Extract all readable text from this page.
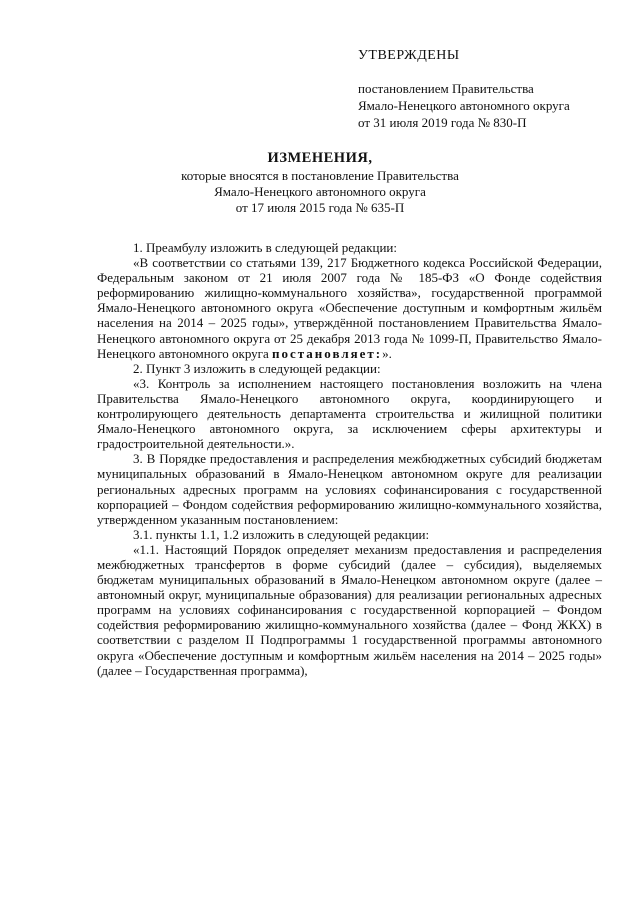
УТВЕРЖДЕНЫ
постановлением Правительства
Ямало-Ненецкого автономного округа
от 31 июля 2019 года № 830-П
ИЗМЕНЕНИЯ,
которые вносятся в постановление Правительства
Ямало-Ненецкого автономного округа
от 17 июля 2015 года № 635-П

1. Преамбулу изложить в следующей редакции:

«В соответствии со статьями 139, 217 Бюджетного кодекса Российской Федерации, Федеральным законом от 21 июля 2007 года № 185-ФЗ «О Фонде содействия реформированию жилищно-коммунального хозяйства», государственной программой Ямало-Ненецкого автономного округа «Обеспечение доступным и комфортным жильём населения на 2014 – 2025 годы», утверждённой постановлением Правительства Ямало-Ненецкого автономного округа от 25 декабря 2013 года № 1099-П, Правительство Ямало-Ненецкого автономного округа постановляет:».

2. Пункт 3 изложить в следующей редакции:

«3. Контроль за исполнением настоящего постановления возложить на члена Правительства Ямало-Ненецкого автономного округа, координирующего и контролирующего деятельность департамента строительства и жилищной политики Ямало-Ненецкого автономного округа, за исключением сферы архитектуры и градостроительной деятельности.».

3. В Порядке предоставления и распределения межбюджетных субсидий бюджетам муниципальных образований в Ямало-Ненецком автономном округе для реализации региональных адресных программ на условиях софинансирования с государственной корпорацией – Фондом содействия реформированию жилищно-коммунального хозяйства, утвержденном указанным постановлением:

3.1. пункты 1.1, 1.2 изложить в следующей редакции:

«1.1. Настоящий Порядок определяет механизм предоставления и распределения межбюджетных трансфертов в форме субсидий (далее – субсидия), выделяемых бюджетам муниципальных образований в Ямало-Ненецком автономном округе (далее – автономный округ, муниципальные образования) для реализации региональных адресных программ на условиях софинансирования с государственной корпорацией – Фондом содействия реформированию жилищно-коммунального хозяйства (далее – Фонд ЖКХ) в соответствии с разделом II Подпрограммы 1 государственной программы автономного округа «Обеспечение доступным и комфортным жильём населения на 2014 – 2025 годы» (далее – Государственная программа),
